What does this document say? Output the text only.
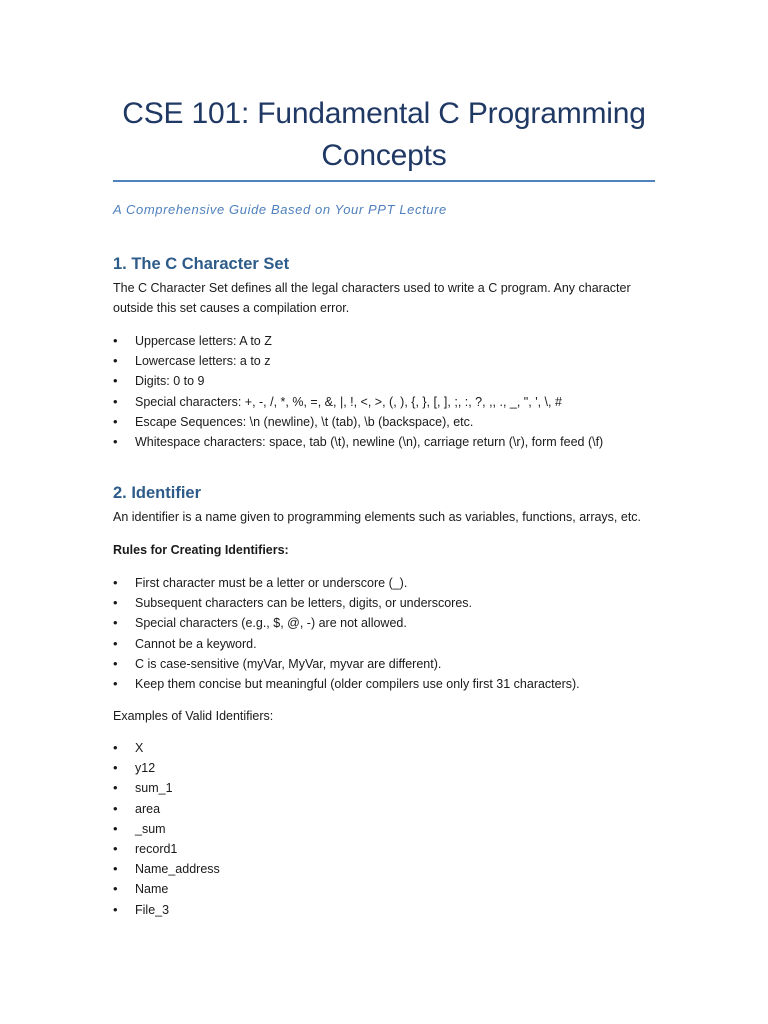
CSE 101: Fundamental C Programming Concepts

A Comprehensive Guide Based on Your PPT Lecture

1. The C Character Set

The C Character Set defines all the legal characters used to write a C program. Any character outside this set causes a compilation error.

• Uppercase letters: A to Z
• Lowercase letters: a to z
• Digits: 0 to 9
• Special characters: +, -, /, *, %, =, &, |, !, <, >, (, ), {, }, [, ], ;, :, ?, ,, ., _, ", ', \, #
• Escape Sequences: \n (newline), \t (tab), \b (backspace), etc.
• Whitespace characters: space, tab (\t), newline (\n), carriage return (\r), form feed (\f)
2. Identifier

An identifier is a name given to programming elements such as variables, functions, arrays, etc.

Rules for Creating Identifiers:

• First character must be a letter or underscore (_).
• Subsequent characters can be letters, digits, or underscores.
• Special characters (e.g., $, @, -) are not allowed.
• Cannot be a keyword.
• C is case-sensitive (myVar, MyVar, myvar are different).
• Keep them concise but meaningful (older compilers use only first 31 characters).

Examples of Valid Identifiers:

• X
• y12
• sum_1
• area
• _sum
• record1
• Name_address
• Name
• File_3
